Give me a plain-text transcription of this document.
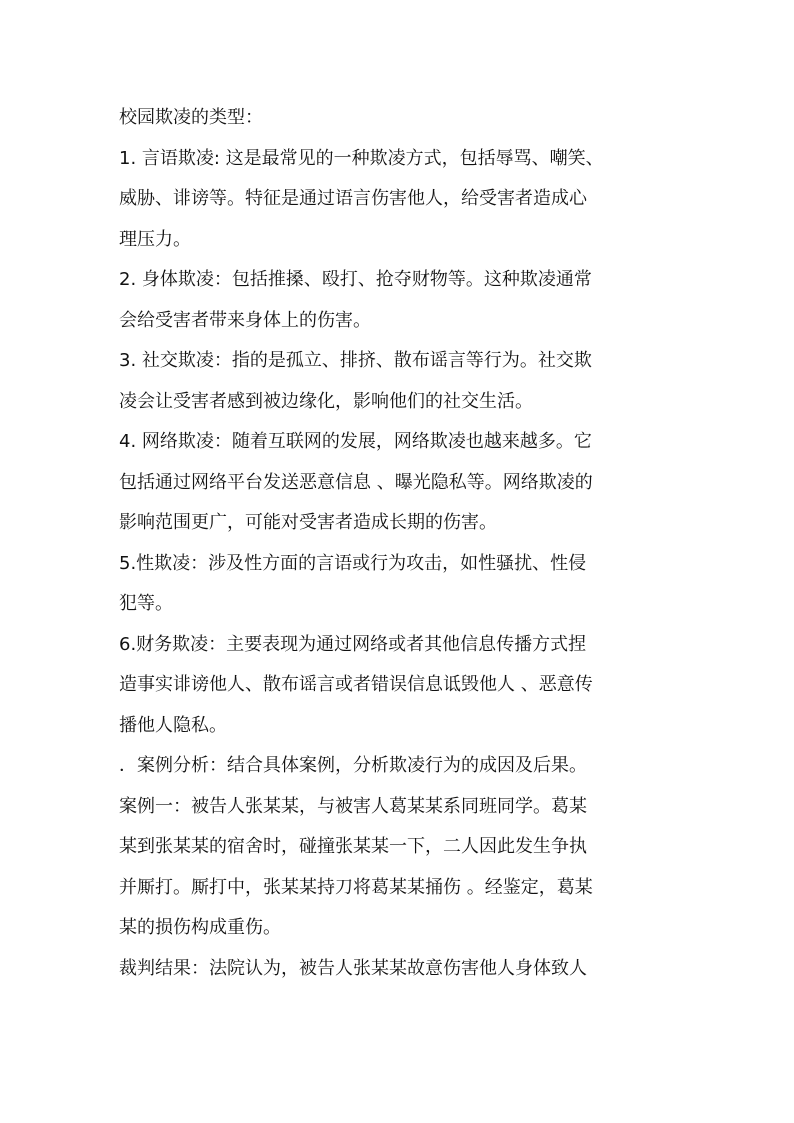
校园欺凌的类型：
1. 言语欺凌: 这是最常见的一种欺凌方式，包括辱骂、嘲笑、
威胁、诽谤等。特征是通过语言伤害他人，给受害者造成心
理压力。
2. 身体欺凌：包括推搡、殴打、抢夺财物等。这种欺凌通常
会给受害者带来身体上的伤害。
3. 社交欺凌：指的是孤立、排挤、散布谣言等行为。社交欺
凌会让受害者感到被边缘化，影响他们的社交生活。
4. 网络欺凌：随着互联网的发展，网络欺凌也越来越多。它
包括通过网络平台发送恶意信息 、曝光隐私等。网络欺凌的
影响范围更广，可能对受害者造成长期的伤害。
5.性欺凌：涉及性方面的言语或行为攻击，如性骚扰、性侵
犯等。
6.财务欺凌：主要表现为通过网络或者其他信息传播方式捏
造事实诽谤他人、散布谣言或者错误信息诋毁他人 、恶意传
播他人隐私。
．案例分析：结合具体案例，分析欺凌行为的成因及后果。
案例一：被告人张某某，与被害人葛某某系同班同学。葛某
某到张某某的宿舍时，碰撞张某某一下，二人因此发生争执
并厮打。厮打中，张某某持刀将葛某某捅伤 。经鉴定，葛某
某的损伤构成重伤。
裁判结果：法院认为，被告人张某某故意伤害他人身体致人
